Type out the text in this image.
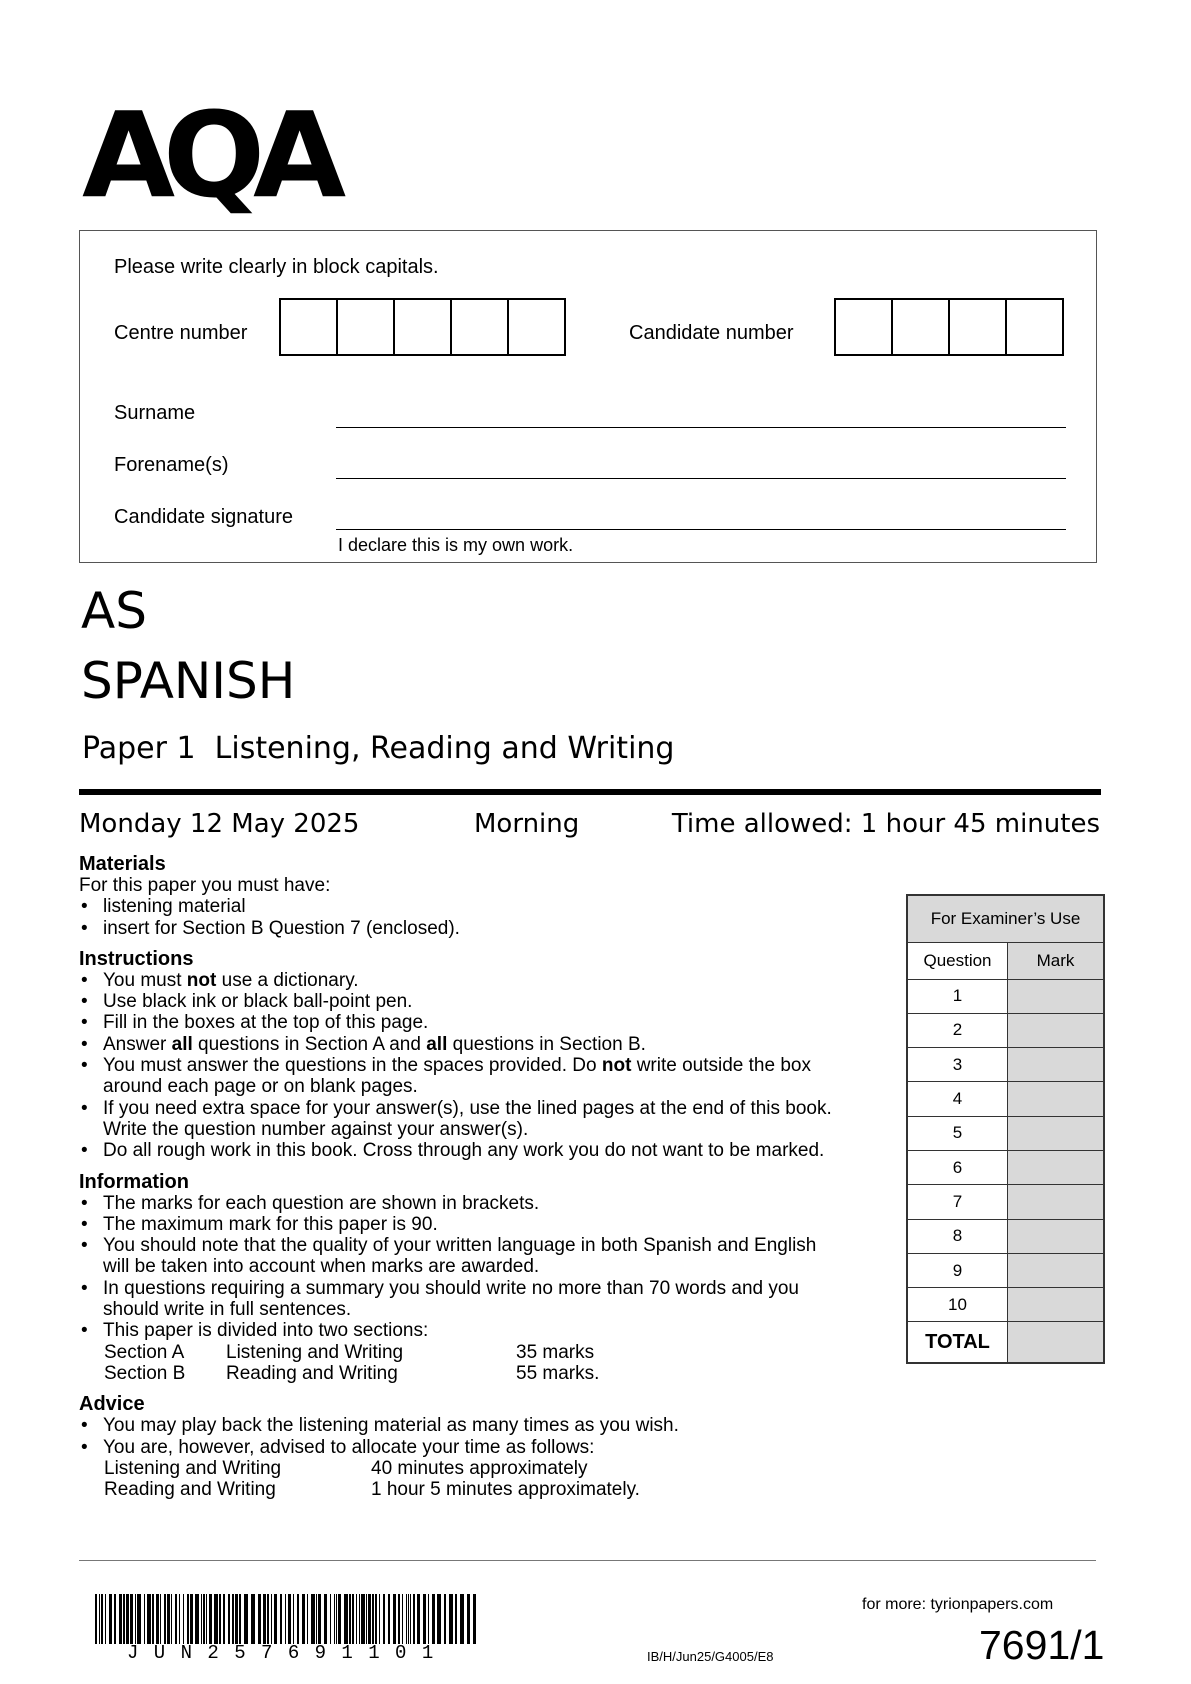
AQA
Please write clearly in block capitals.
Centre number	Candidate number
Surname
Forename(s)
Candidate signature
I declare this is my own work.
AS
SPANISH
Paper 1  Listening, Reading and Writing
Monday 12 May 2025	Morning	Time allowed: 1 hour 45 minutes
Materials
For this paper you must have:
• listening material
• insert for Section B Question 7 (enclosed).
Instructions
• You must not use a dictionary.
• Use black ink or black ball-point pen.
• Fill in the boxes at the top of this page.
• Answer all questions in Section A and all questions in Section B.
• You must answer the questions in the spaces provided. Do not write outside the box around each page or on blank pages.
• If you need extra space for your answer(s), use the lined pages at the end of this book. Write the question number against your answer(s).
• Do all rough work in this book. Cross through any work you do not want to be marked.
Information
• The marks for each question are shown in brackets.
• The maximum mark for this paper is 90.
• You should note that the quality of your written language in both Spanish and English will be taken into account when marks are awarded.
• In questions requiring a summary you should write no more than 70 words and you should write in full sentences.
• This paper is divided into two sections:
Section A Listening and Writing	35 marks
Section B Reading and Writing	55 marks.
Advice
• You may play back the listening material as many times as you wish.
• You are, however, advised to allocate your time as follows:
Listening and Writing	40 minutes approximately
Reading and Writing	1 hour 5 minutes approximately.
For Examiner’s Use	
Question	Mark
1	
2	
3	
4	
5	
6	
7	
8	
9	
10	
TOTAL	
J U N 2 5 7 6 9 1 1 0 1	IB/H/Jun25/G4005/E8
for more: tyrionpapers.com
7691/1
